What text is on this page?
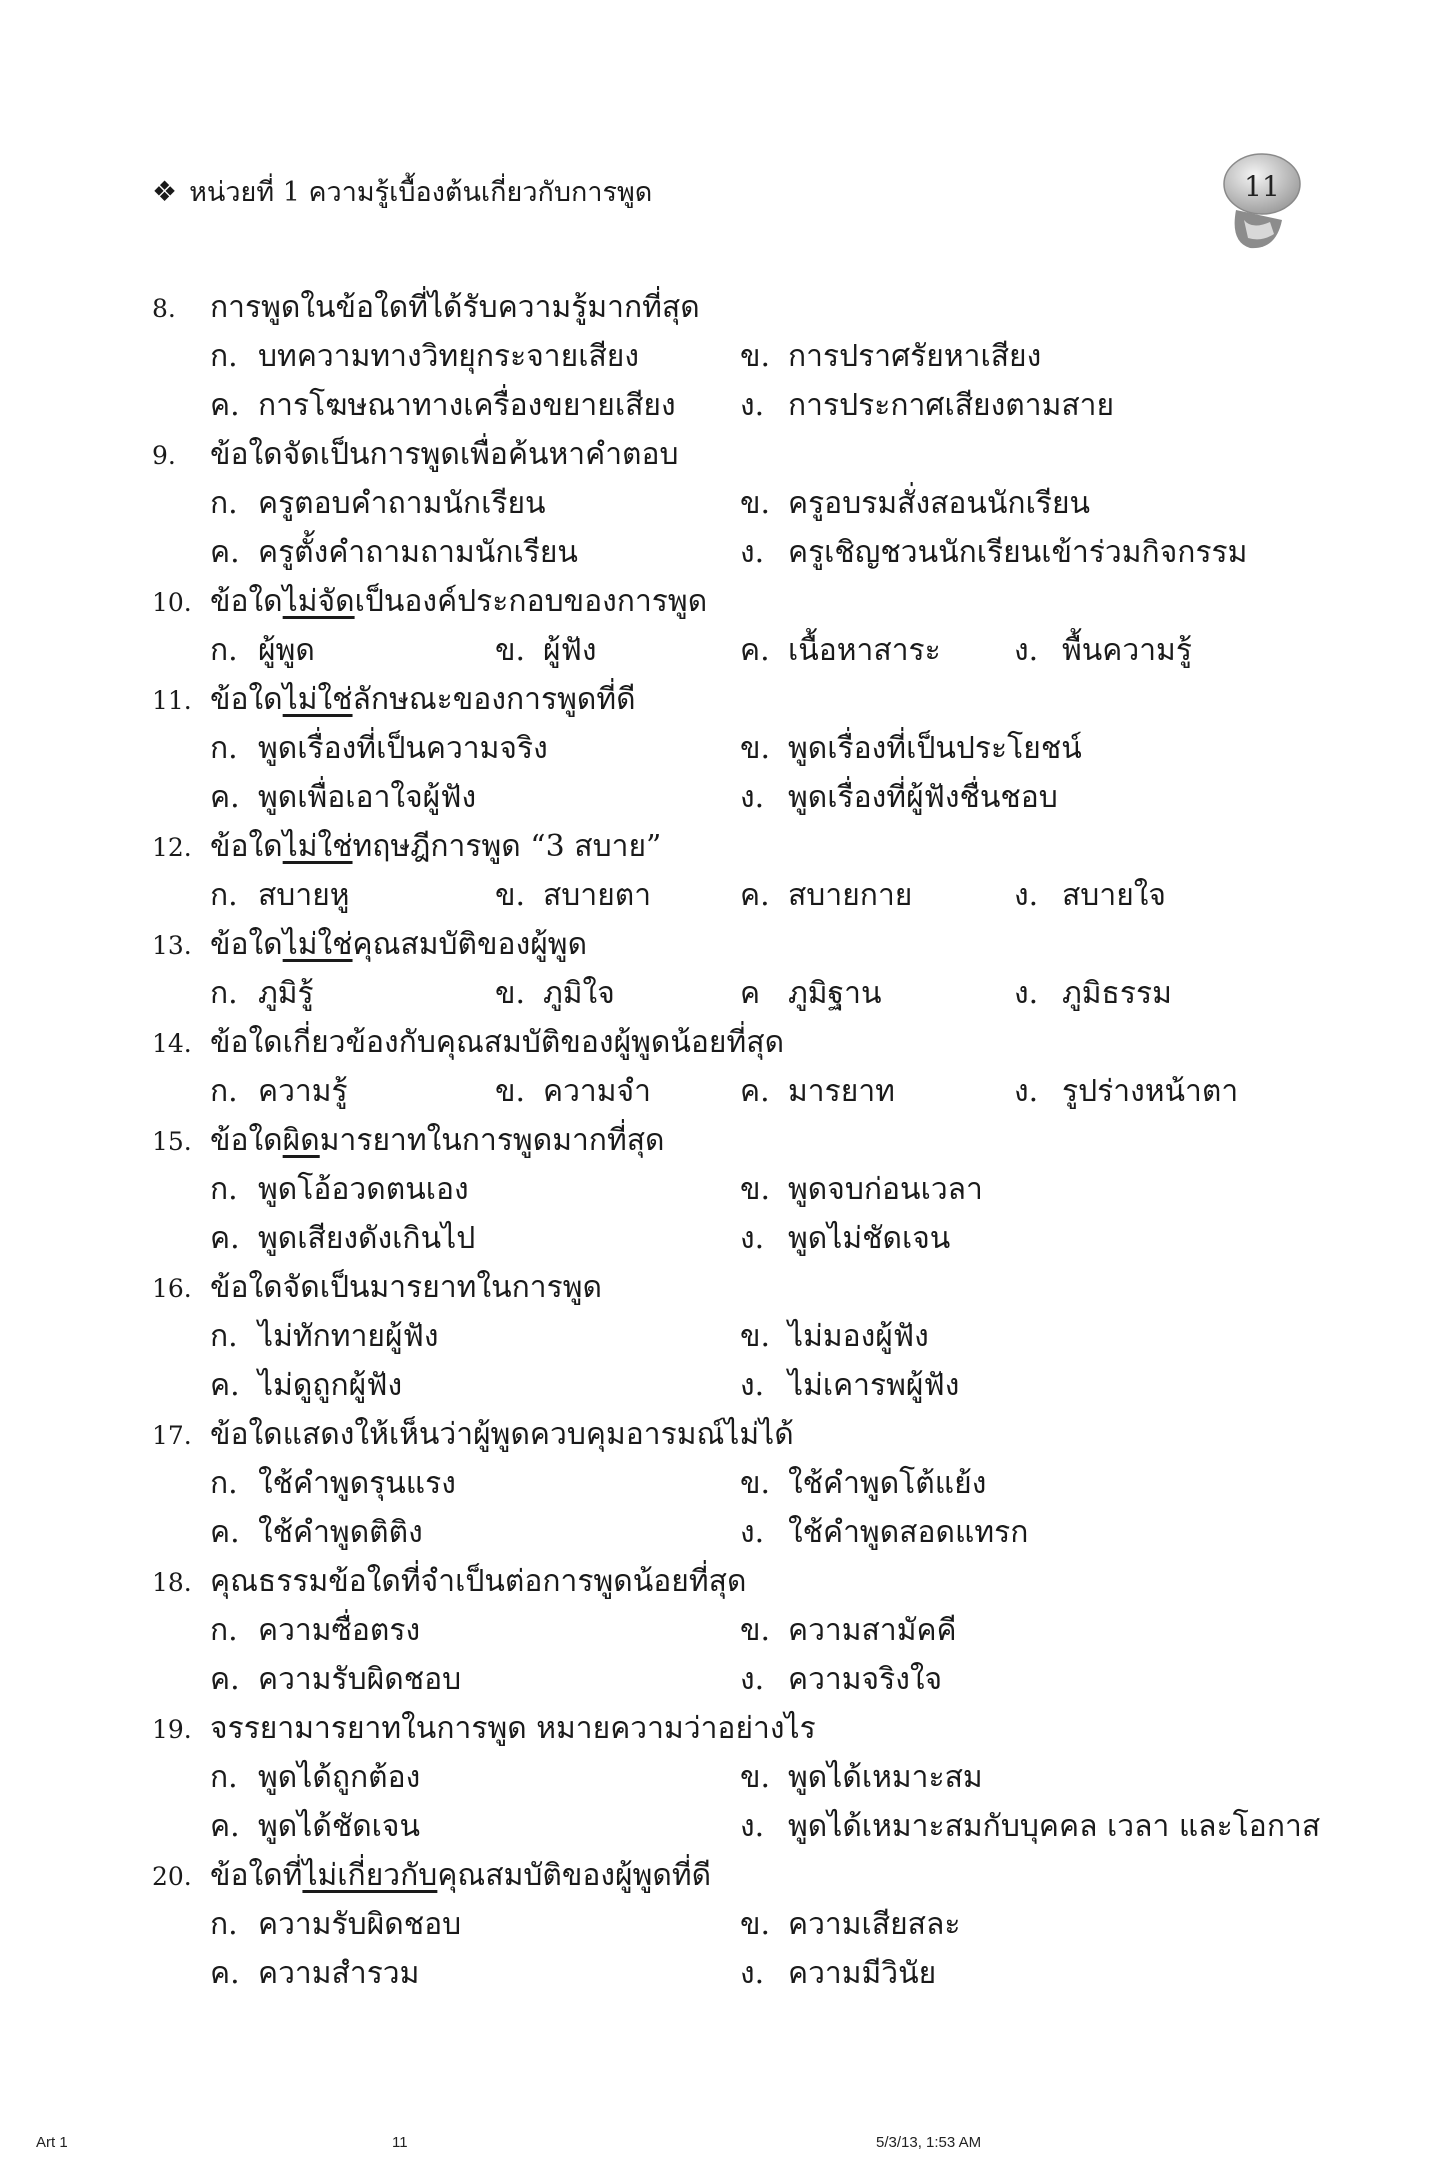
❖ หน่วยที่ 1 ความรู้เบื้องต้นเกี่ยวกับการพูด	11
8. การพูดในข้อใดที่ได้รับความรู้มากที่สุด
ก. บทความทางวิทยุกระจายเสียง	ข. การปราศรัยหาเสียง
ค. การโฆษณาทางเครื่องขยายเสียง ง. การประกาศเสียงตามสาย
9. ข้อใดจัดเป็นการพูดเพื่อค้นหาคำตอบ
ก. ครูตอบคำถามนักเรียน	ข. ครูอบรมสั่งสอนนักเรียน
ค. ครูตั้งคำถามถามนักเรียน	ง. ครูเชิญชวนนักเรียนเข้าร่วมกิจกรรม
10. ข้อใดไม่จัดเป็นองค์ประกอบของการพูด
ก. ผู้พูด	ข. ผู้ฟัง	ค. เนื้อหาสาระ ง. พื้นความรู้
11. ข้อใดไม่ใช่ลักษณะของการพูดที่ดี
ก. พูดเรื่องที่เป็นความจริง	ข. พูดเรื่องที่เป็นประโยชน์
ค. พูดเพื่อเอาใจผู้ฟัง	ง. พูดเรื่องที่ผู้ฟังชื่นชอบ
12. ข้อใดไม่ใช่ทฤษฎีการพูด “3 สบาย”
ก. สบายหู	ข. สบายตา	ค. สบายกาย	ง. สบายใจ
13. ข้อใดไม่ใช่คุณสมบัติของผู้พูด
ก. ภูมิรู้	ข. ภูมิใจ	ค ภูมิฐาน	ง. ภูมิธรรม
14. ข้อใดเกี่ยวข้องกับคุณสมบัติของผู้พูดน้อยที่สุด
ก. ความรู้	ข. ความจำ	ค. มารยาท	ง. รูปร่างหน้าตา
15. ข้อใดผิดมารยาทในการพูดมากที่สุด
ก. พูดโอ้อวดตนเอง	ข. พูดจบก่อนเวลา
ค. พูดเสียงดังเกินไป	ง. พูดไม่ชัดเจน
16. ข้อใดจัดเป็นมารยาทในการพูด
ก. ไม่ทักทายผู้ฟัง	ข. ไม่มองผู้ฟัง
ค. ไม่ดูถูกผู้ฟัง	ง. ไม่เคารพผู้ฟัง
17. ข้อใดแสดงให้เห็นว่าผู้พูดควบคุมอารมณ์ไม่ได้
ก. ใช้คำพูดรุนแรง	ข. ใช้คำพูดโต้แย้ง
ค. ใช้คำพูดติติง	ง. ใช้คำพูดสอดแทรก
18. คุณธรรมข้อใดที่จำเป็นต่อการพูดน้อยที่สุด
ก. ความซื่อตรง	ข. ความสามัคคี
ค. ความรับผิดชอบ	ง. ความจริงใจ
19. จรรยามารยาทในการพูด หมายความว่าอย่างไร
ก. พูดได้ถูกต้อง	ข. พูดได้เหมาะสม
ค. พูดได้ชัดเจน	ง. พูดได้เหมาะสมกับบุคคล เวลา และโอกาส
20. ข้อใดที่ไม่เกี่ยวกับคุณสมบัติของผู้พูดที่ดี
ก. ความรับผิดชอบ	ข. ความเสียสละ
ค. ความสำรวม	ง. ความมีวินัย
Art 1	11	5/3/13, 1:53 AM
